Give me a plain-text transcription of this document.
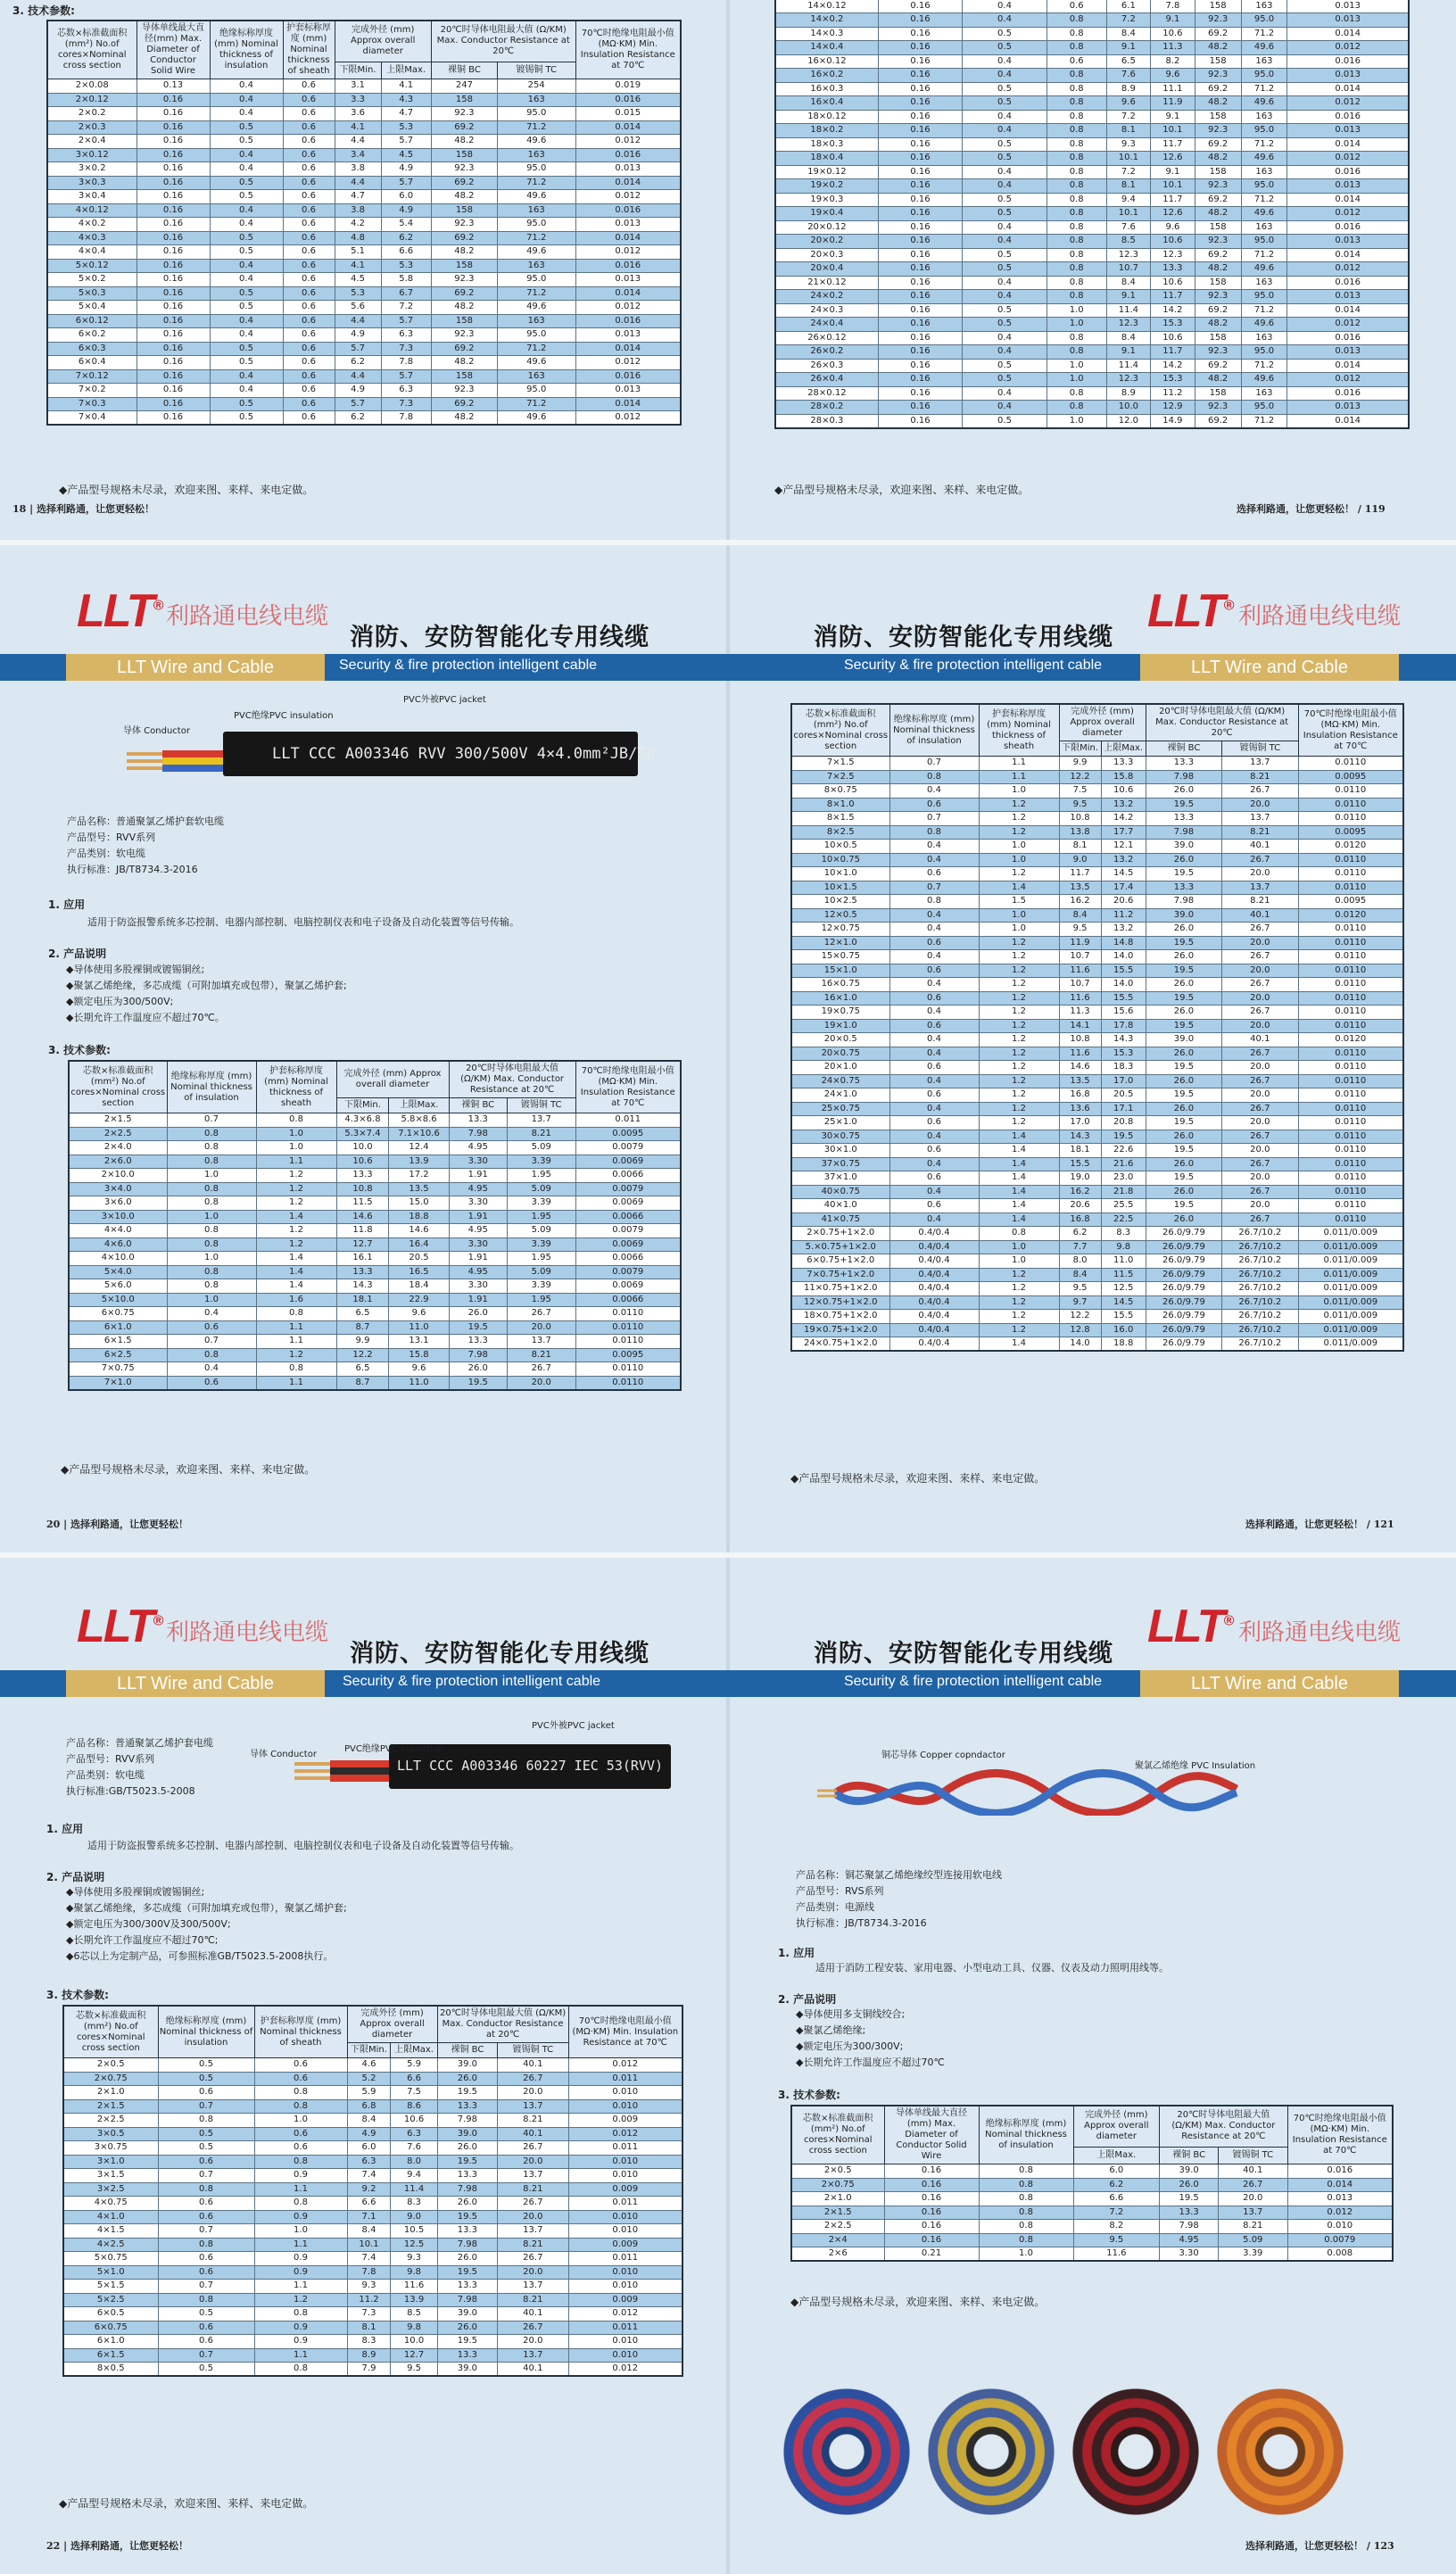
3. 技术参数:
芯数×标准截面积 (mm²) No.of cores×Nominal cross section	导体单线最大直径(mm) Max. Diameter of Conductor Solid Wire	绝缘标称厚度 (mm) Nominal thickness of insulation	护套标称厚度 (mm) Nominal thickness of sheath	完成外径 (mm) Approx overall diameter		20℃时导体电阻最大值 (Ω/KM) Max. Conductor Resistance at 20℃		70℃时绝缘电阻最小值 (MΩ·KM) Min. Insulation Resistance at 70℃
				下限Min.	上限Max.	裸铜 BC	镀锡铜 TC	
2×0.08	0.13	0.4	0.6	3.1	4.1	247	254	0.019
2×0.12	0.16	0.4	0.6	3.3	4.3	158	163	0.016
2×0.2	0.16	0.4	0.6	3.6	4.7	92.3	95.0	0.015
2×0.3	0.16	0.5	0.6	4.1	5.3	69.2	71.2	0.014
2×0.4	0.16	0.5	0.6	4.4	5.7	48.2	49.6	0.012
3×0.12	0.16	0.4	0.6	3.4	4.5	158	163	0.016
3×0.2	0.16	0.4	0.6	3.8	4.9	92.3	95.0	0.013
3×0.3	0.16	0.5	0.6	4.4	5.7	69.2	71.2	0.014
3×0.4	0.16	0.5	0.6	4.7	6.0	48.2	49.6	0.012
4×0.12	0.16	0.4	0.6	3.8	4.9	158	163	0.016
4×0.2	0.16	0.4	0.6	4.2	5.4	92.3	95.0	0.013
4×0.3	0.16	0.5	0.6	4.8	6.2	69.2	71.2	0.014
4×0.4	0.16	0.5	0.6	5.1	6.6	48.2	49.6	0.012
5×0.12	0.16	0.4	0.6	4.1	5.3	158	163	0.016
5×0.2	0.16	0.4	0.6	4.5	5.8	92.3	95.0	0.013
5×0.3	0.16	0.5	0.6	5.3	6.7	69.2	71.2	0.014
5×0.4	0.16	0.5	0.6	5.6	7.2	48.2	49.6	0.012
6×0.12	0.16	0.4	0.6	4.4	5.7	158	163	0.016
6×0.2	0.16	0.4	0.6	4.9	6.3	92.3	95.0	0.013
6×0.3	0.16	0.5	0.6	5.7	7.3	69.2	71.2	0.014
6×0.4	0.16	0.5	0.6	6.2	7.8	48.2	49.6	0.012
7×0.12	0.16	0.4	0.6	4.4	5.7	158	163	0.016
7×0.2	0.16	0.4	0.6	4.9	6.3	92.3	95.0	0.013
7×0.3	0.16	0.5	0.6	5.7	7.3	69.2	71.2	0.014
7×0.4	0.16	0.5	0.6	6.2	7.8	48.2	49.6	0.012
◆产品型号规格未尽录，欢迎来图、来样、来电定做。
18 | 选择利路通，让您更轻松！
14×0.12	0.16	0.4	0.6	6.1	7.8	158	163	0.013
14×0.2	0.16	0.4	0.8	7.2	9.1	92.3	95.0	0.013
14×0.3	0.16	0.5	0.8	8.4	10.6	69.2	71.2	0.014
14×0.4	0.16	0.5	0.8	9.1	11.3	48.2	49.6	0.012
16×0.12	0.16	0.4	0.6	6.5	8.2	158	163	0.016
16×0.2	0.16	0.4	0.8	7.6	9.6	92.3	95.0	0.013
16×0.3	0.16	0.5	0.8	8.9	11.1	69.2	71.2	0.014
16×0.4	0.16	0.5	0.8	9.6	11.9	48.2	49.6	0.012
18×0.12	0.16	0.4	0.8	7.2	9.1	158	163	0.016
18×0.2	0.16	0.4	0.8	8.1	10.1	92.3	95.0	0.013
18×0.3	0.16	0.5	0.8	9.3	11.7	69.2	71.2	0.014
18×0.4	0.16	0.5	0.8	10.1	12.6	48.2	49.6	0.012
19×0.12	0.16	0.4	0.8	7.2	9.1	158	163	0.016
19×0.2	0.16	0.4	0.8	8.1	10.1	92.3	95.0	0.013
19×0.3	0.16	0.5	0.8	9.4	11.7	69.2	71.2	0.014
19×0.4	0.16	0.5	0.8	10.1	12.6	48.2	49.6	0.012
20×0.12	0.16	0.4	0.8	7.6	9.6	158	163	0.016
20×0.2	0.16	0.4	0.8	8.5	10.6	92.3	95.0	0.013
20×0.3	0.16	0.5	0.8	12.3	12.3	69.2	71.2	0.014
20×0.4	0.16	0.5	0.8	10.7	13.3	48.2	49.6	0.012
21×0.12	0.16	0.4	0.8	8.4	10.6	158	163	0.016
24×0.2	0.16	0.4	0.8	9.1	11.7	92.3	95.0	0.013
24×0.3	0.16	0.5	1.0	11.4	14.2	69.2	71.2	0.014
24×0.4	0.16	0.5	1.0	12.3	15.3	48.2	49.6	0.012
26×0.12	0.16	0.4	0.8	8.4	10.6	158	163	0.016
26×0.2	0.16	0.4	0.8	9.1	11.7	92.3	95.0	0.013
26×0.3	0.16	0.5	1.0	11.4	14.2	69.2	71.2	0.014
26×0.4	0.16	0.5	1.0	12.3	15.3	48.2	49.6	0.012
28×0.12	0.16	0.4	0.8	8.9	11.2	158	163	0.016
28×0.2	0.16	0.4	0.8	10.0	12.9	92.3	95.0	0.013
28×0.3	0.16	0.5	1.0	12.0	14.9	69.2	71.2	0.014
◆产品型号规格未尽录，欢迎来图、来样、来电定做。
选择利路通，让您更轻松！ / 119
LLT® 利路通电线电缆
LLT Wire and Cable
消防、安防智能化专用线缆
Security & fire protection intelligent cable
LLT CCC A003346 RVV 300/500V 4×4.0mm²JB/T8
导体 Conductor
PVC绝缘PVC insulation
PVC外被PVC jacket
产品名称：普通聚氯乙烯护套软电缆
产品型号：RVV系列
产品类别：软电缆
执行标准：JB/T8734.3-2016
1. 应用
适用于防盗报警系统多芯控制、电器内部控制、电脑控制仪表和电子设备及自动化装置等信号传输。
2. 产品说明
◆导体使用多股裸铜或镀锡铜丝;
◆聚氯乙烯绝缘，多芯成缆（可附加填充或包带），聚氯乙烯护套;
◆额定电压为300/500V;
◆长期允许工作温度应不超过70℃。
3. 技术参数:
芯数×标准截面积 (mm²) No.of cores×Nominal cross section	绝缘标称厚度 (mm) Nominal thickness of insulation	护套标称厚度 (mm) Nominal thickness of sheath	完成外径 (mm) Approx overall diameter		20℃时导体电阻最大值 (Ω/KM) Max. Conductor Resistance at 20℃		70℃时绝缘电阻最小值 (MΩ·KM) Min. Insulation Resistance at 70℃
			下限Min.	上限Max.	裸铜 BC	镀锡铜 TC	
2×1.5	0.7	0.8	4.3×6.8	5.8×8.6	13.3	13.7	0.011
2×2.5	0.8	1.0	5.3×7.4	7.1×10.6	7.98	8.21	0.0095
2×4.0	0.8	1.0	10.0	12.4	4.95	5.09	0.0079
2×6.0	0.8	1.1	10.6	13.9	3.30	3.39	0.0069
2×10.0	1.0	1.2	13.3	17.2	1.91	1.95	0.0066
3×4.0	0.8	1.2	10.8	13.5	4.95	5.09	0.0079
3×6.0	0.8	1.2	11.5	15.0	3.30	3.39	0.0069
3×10.0	1.0	1.4	14.6	18.8	1.91	1.95	0.0066
4×4.0	0.8	1.2	11.8	14.6	4.95	5.09	0.0079
4×6.0	0.8	1.2	12.7	16.4	3.30	3.39	0.0069
4×10.0	1.0	1.4	16.1	20.5	1.91	1.95	0.0066
5×4.0	0.8	1.4	13.3	16.5	4.95	5.09	0.0079
5×6.0	0.8	1.4	14.3	18.4	3.30	3.39	0.0069
5×10.0	1.0	1.6	18.1	22.9	1.91	1.95	0.0066
6×0.75	0.4	0.8	6.5	9.6	26.0	26.7	0.0110
6×1.0	0.6	1.1	8.7	11.0	19.5	20.0	0.0110
6×1.5	0.7	1.1	9.9	13.1	13.3	13.7	0.0110
6×2.5	0.8	1.2	12.2	15.8	7.98	8.21	0.0095
7×0.75	0.4	0.8	6.5	9.6	26.0	26.7	0.0110
7×1.0	0.6	1.1	8.7	11.0	19.5	20.0	0.0110
◆产品型号规格未尽录，欢迎来图、来样、来电定做。
20 | 选择利路通，让您更轻松！
消防、安防智能化专用线缆
Security & fire protection intelligent cable
LLT® 利路通电线电缆
LLT Wire and Cable
芯数×标准截面积 (mm²) No.of cores×Nominal cross section	绝缘标称厚度 (mm) Nominal thickness of insulation	护套标称厚度 (mm) Nominal thickness of sheath	完成外径 (mm) Approx overall diameter		20℃时导体电阻最大值 (Ω/KM) Max. Conductor Resistance at 20℃		70℃时绝缘电阻最小值 (MΩ·KM) Min. Insulation Resistance at 70℃
			下限Min.	上限Max.	裸铜 BC	镀锡铜 TC	
7×1.5	0.7	1.1	9.9	13.3	13.3	13.7	0.0110
7×2.5	0.8	1.1	12.2	15.8	7.98	8.21	0.0095
8×0.75	0.4	1.0	7.5	10.6	26.0	26.7	0.0110
8×1.0	0.6	1.2	9.5	13.2	19.5	20.0	0.0110
8×1.5	0.7	1.2	10.8	14.2	13.3	13.7	0.0110
8×2.5	0.8	1.2	13.8	17.7	7.98	8.21	0.0095
10×0.5	0.4	1.0	8.1	12.1	39.0	40.1	0.0120
10×0.75	0.4	1.0	9.0	13.2	26.0	26.7	0.0110
10×1.0	0.6	1.2	11.7	14.5	19.5	20.0	0.0110
10×1.5	0.7	1.4	13.5	17.4	13.3	13.7	0.0110
10×2.5	0.8	1.5	16.2	20.6	7.98	8.21	0.0095
12×0.5	0.4	1.0	8.4	11.2	39.0	40.1	0.0120
12×0.75	0.4	1.0	9.5	13.2	26.0	26.7	0.0110
12×1.0	0.6	1.2	11.9	14.8	19.5	20.0	0.0110
15×0.75	0.4	1.2	10.7	14.0	26.0	26.7	0.0110
15×1.0	0.6	1.2	11.6	15.5	19.5	20.0	0.0110
16×0.75	0.4	1.2	10.7	14.0	26.0	26.7	0.0110
16×1.0	0.6	1.2	11.6	15.5	19.5	20.0	0.0110
19×0.75	0.4	1.2	11.3	15.6	26.0	26.7	0.0110
19×1.0	0.6	1.2	14.1	17.8	19.5	20.0	0.0110
20×0.5	0.4	1.2	10.8	14.3	39.0	40.1	0.0120
20×0.75	0.4	1.2	11.6	15.3	26.0	26.7	0.0110
20×1.0	0.6	1.2	14.6	18.3	19.5	20.0	0.0110
24×0.75	0.4	1.2	13.5	17.0	26.0	26.7	0.0110
24×1.0	0.6	1.2	16.8	20.5	19.5	20.0	0.0110
25×0.75	0.4	1.2	13.6	17.1	26.0	26.7	0.0110
25×1.0	0.6	1.2	17.0	20.8	19.5	20.0	0.0110
30×0.75	0.4	1.4	14.3	19.5	26.0	26.7	0.0110
30×1.0	0.6	1.4	18.1	22.6	19.5	20.0	0.0110
37×0.75	0.4	1.4	15.5	21.6	26.0	26.7	0.0110
37×1.0	0.6	1.4	19.0	23.0	19.5	20.0	0.0110
40×0.75	0.4	1.4	16.2	21.8	26.0	26.7	0.0110
40×1.0	0.6	1.4	20.6	25.5	19.5	20.0	0.0110
41×0.75	0.4	1.4	16.8	22.5	26.0	26.7	0.0110
2×0.75+1×2.0	0.4/0.4	0.8	6.2	8.3	26.0/9.79	26.7/10.2	0.011/0.009
5.×0.75+1×2.0	0.4/0.4	1.0	7.7	9.8	26.0/9.79	26.7/10.2	0.011/0.009
6×0.75+1×2.0	0.4/0.4	1.0	8.0	11.0	26.0/9.79	26.7/10.2	0.011/0.009
7×0.75+1×2.0	0.4/0.4	1.2	8.4	11.5	26.0/9.79	26.7/10.2	0.011/0.009
11×0.75+1×2.0	0.4/0.4	1.2	9.5	12.5	26.0/9.79	26.7/10.2	0.011/0.009
12×0.75+1×2.0	0.4/0.4	1.2	9.7	14.5	26.0/9.79	26.7/10.2	0.011/0.009
18×0.75+1×2.0	0.4/0.4	1.2	12.2	15.5	26.0/9.79	26.7/10.2	0.011/0.009
19×0.75+1×2.0	0.4/0.4	1.2	12.8	16.0	26.0/9.79	26.7/10.2	0.011/0.009
24×0.75+1×2.0	0.4/0.4	1.4	14.0	18.8	26.0/9.79	26.7/10.2	0.011/0.009
◆产品型号规格未尽录，欢迎来图、来样、来电定做。
选择利路通，让您更轻松！ / 121
LLT® 利路通电线电缆
LLT Wire and Cable
消防、安防智能化专用线缆
Security & fire protection intelligent cable
产品名称：普通聚氯乙烯护套电缆
产品型号：RVV系列
产品类别：软电缆
执行标准:GB/T5023.5-2008
LLT CCC A003346 60227 IEC 53(RVV)
导体 Conductor
PVC绝缘PVC insulation
PVC外被PVC jacket
1. 应用
适用于防盗报警系统多芯控制、电器内部控制、电脑控制仪表和电子设备及自动化装置等信号传输。
2. 产品说明
◆导体使用多股裸铜或镀锡铜丝;
◆聚氯乙烯绝缘，多芯成缆（可附加填充或包带），聚氯乙烯护套;
◆额定电压为300/300V及300/500V;
◆长期允许工作温度应不超过70℃;
◆6芯以上为定制产品，可参照标准GB/T5023.5-2008执行。
3. 技术参数:
芯数×标准截面积 (mm²) No.of cores×Nominal cross section	绝缘标称厚度 (mm) Nominal thickness of insulation	护套标称厚度 (mm) Nominal thickness of sheath	完成外径 (mm) Approx overall diameter		20℃时导体电阻最大值 (Ω/KM) Max. Conductor Resistance at 20℃		70℃时绝缘电阻最小值 (MΩ·KM) Min. Insulation Resistance at 70℃
			下限Min.	上限Max.	裸铜 BC	镀锡铜 TC	
2×0.5	0.5	0.6	4.6	5.9	39.0	40.1	0.012
2×0.75	0.5	0.6	5.2	6.6	26.0	26.7	0.011
2×1.0	0.6	0.8	5.9	7.5	19.5	20.0	0.010
2×1.5	0.7	0.8	6.8	8.6	13.3	13.7	0.010
2×2.5	0.8	1.0	8.4	10.6	7.98	8.21	0.009
3×0.5	0.5	0.6	4.9	6.3	39.0	40.1	0.012
3×0.75	0.5	0.6	6.0	7.6	26.0	26.7	0.011
3×1.0	0.6	0.8	6.3	8.0	19.5	20.0	0.010
3×1.5	0.7	0.9	7.4	9.4	13.3	13.7	0.010
3×2.5	0.8	1.1	9.2	11.4	7.98	8.21	0.009
4×0.75	0.6	0.8	6.6	8.3	26.0	26.7	0.011
4×1.0	0.6	0.9	7.1	9.0	19.5	20.0	0.010
4×1.5	0.7	1.0	8.4	10.5	13.3	13.7	0.010
4×2.5	0.8	1.1	10.1	12.5	7.98	8.21	0.009
5×0.75	0.6	0.9	7.4	9.3	26.0	26.7	0.011
5×1.0	0.6	0.9	7.8	9.8	19.5	20.0	0.010
5×1.5	0.7	1.1	9.3	11.6	13.3	13.7	0.010
5×2.5	0.8	1.2	11.2	13.9	7.98	8.21	0.009
6×0.5	0.5	0.8	7.3	8.5	39.0	40.1	0.012
6×0.75	0.6	0.9	8.1	9.8	26.0	26.7	0.011
6×1.0	0.6	0.9	8.3	10.0	19.5	20.0	0.010
6×1.5	0.7	1.1	8.9	12.7	13.3	13.7	0.010
8×0.5	0.5	0.8	7.9	9.5	39.0	40.1	0.012
◆产品型号规格未尽录，欢迎来图、来样、来电定做。
22 | 选择利路通，让您更轻松！
消防、安防智能化专用线缆
Security & fire protection intelligent cable
LLT® 利路通电线电缆
LLT Wire and Cable
铜芯导体 Copper copndactor
聚氯乙烯绝缘 PVC Insulation
产品名称：铜芯聚氯乙烯绝缘绞型连接用软电线
产品型号：RVS系列
产品类别：电源线
执行标准：JB/T8734.3-2016
1. 应用
适用于消防工程安装、家用电器、小型电动工具、仪器、仪表及动力照明用线等。
2. 产品说明
◆导体使用多支铜线绞合;
◆聚氯乙烯绝缘;
◆额定电压为300/300V;
◆长期允许工作温度应不超过70℃
3. 技术参数:
芯数×标准截面积 (mm²) No.of cores×Nominal cross section	导体单线最大直径(mm) Max. Diameter of Conductor Solid Wire	绝缘标称厚度 (mm) Nominal thickness of insulation	完成外径 (mm) Approx overall diameter	20℃时导体电阻最大值 (Ω/KM) Max. Conductor Resistance at 20℃		70℃时绝缘电阻最小值 (MΩ·KM) Min. Insulation Resistance at 70℃
			上限Max.	裸铜 BC	镀锡铜 TC	
2×0.5	0.16	0.8	6.0	39.0	40.1	0.016
2×0.75	0.16	0.8	6.2	26.0	26.7	0.014
2×1.0	0.16	0.8	6.6	19.5	20.0	0.013
2×1.5	0.16	0.8	7.2	13.3	13.7	0.012
2×2.5	0.16	0.8	8.2	7.98	8.21	0.010
2×4	0.16	0.8	9.5	4.95	5.09	0.0079
2×6	0.21	1.0	11.6	3.30	3.39	0.008
◆产品型号规格未尽录，欢迎来图、来样、来电定做。
选择利路通，让您更轻松！ / 123
